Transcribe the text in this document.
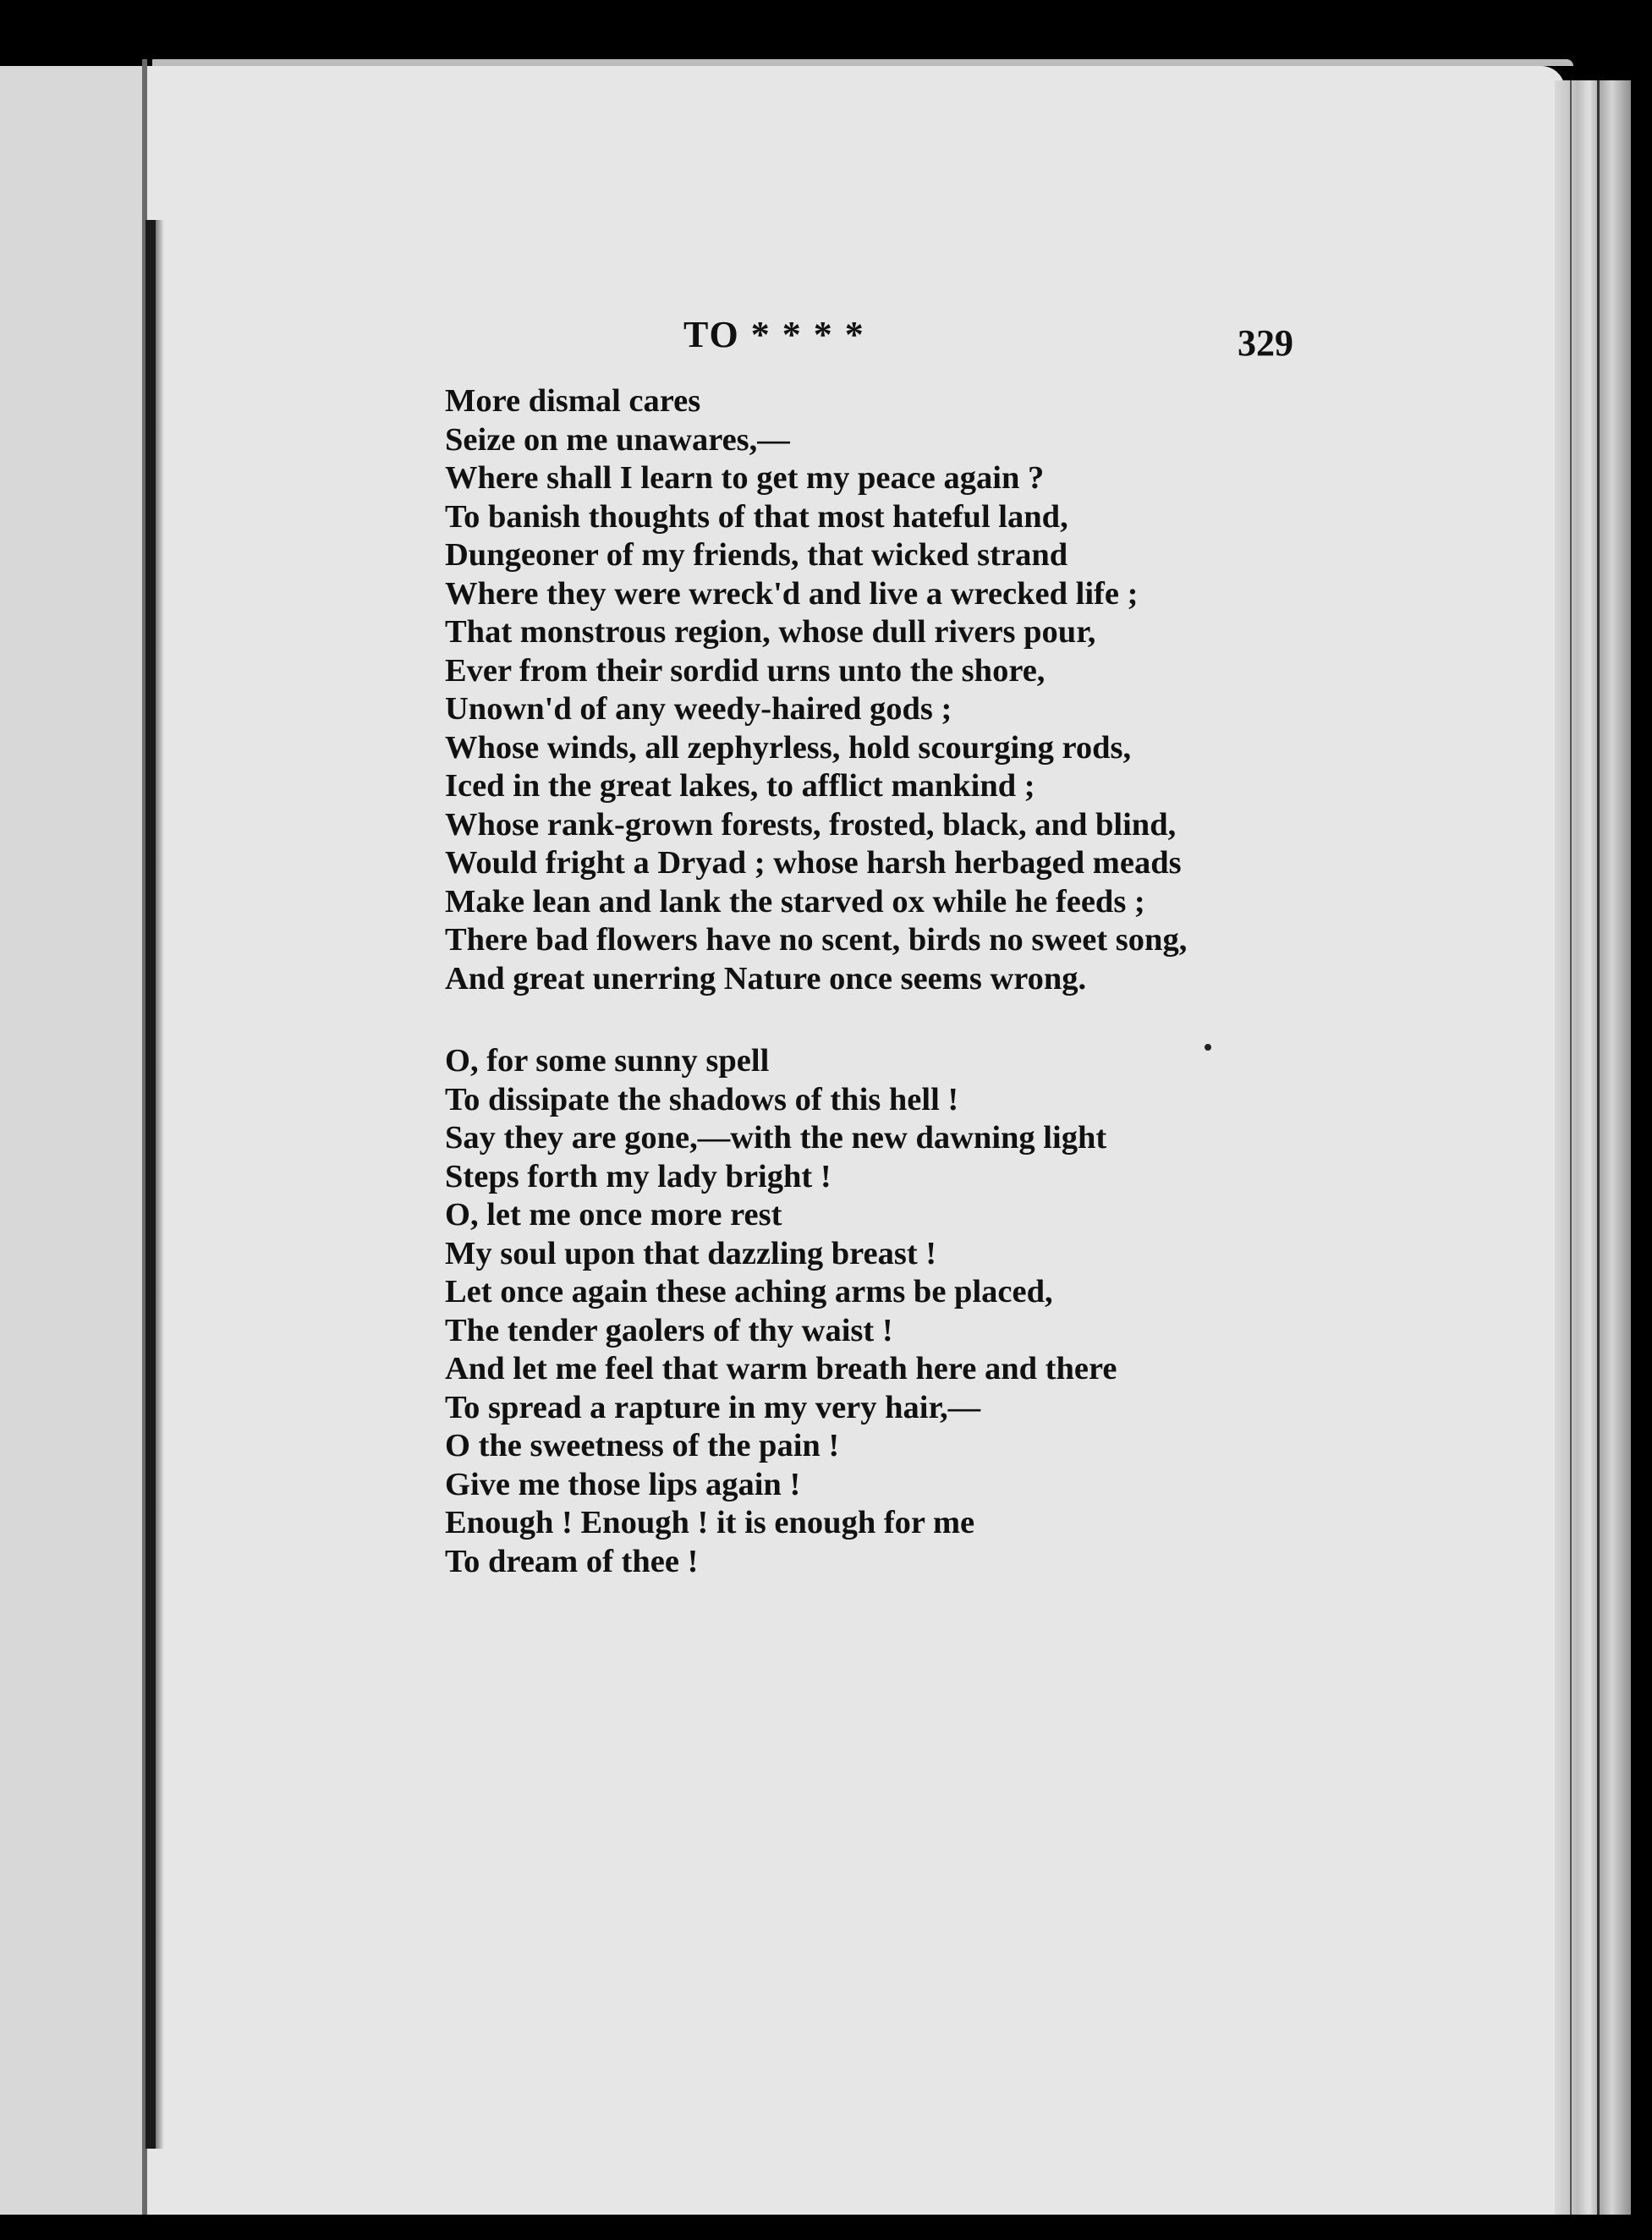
TO * * * *	329
More dismal cares
Seize on me unawares,—
Where shall I learn to get my peace again ?
To banish thoughts of that most hateful land,
Dungeoner of my friends, that wicked strand
Where they were wreck'd and live a wrecked life ;
That monstrous region, whose dull rivers pour,
Ever from their sordid urns unto the shore,
Unown'd of any weedy-haired gods ;
Whose winds, all zephyrless, hold scourging rods,
Iced in the great lakes, to afflict mankind ;
Whose rank-grown forests, frosted, black, and blind,
Would fright a Dryad ; whose harsh herbaged meads
Make lean and lank the starved ox while he feeds ;
There bad flowers have no scent, birds no sweet song,
And great unerring Nature once seems wrong.
O, for some sunny spell
To dissipate the shadows of this hell !
Say they are gone,—with the new dawning light
Steps forth my lady bright !
O, let me once more rest
My soul upon that dazzling breast !
Let once again these aching arms be placed,
The tender gaolers of thy waist !
And let me feel that warm breath here and there
To spread a rapture in my very hair,—
O the sweetness of the pain !
Give me those lips again !
Enough ! Enough ! it is enough for me
To dream of thee !
